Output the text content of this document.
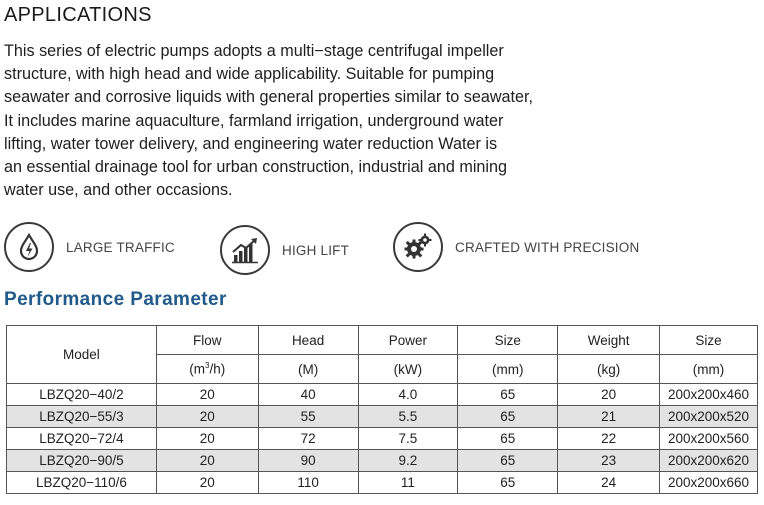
APPLICATIONS
This series of electric pumps adopts a multi−stage centrifugal impeller
structure, with high head and wide applicability. Suitable for pumping
seawater and corrosive liquids with general properties similar to seawater,
It includes marine aquaculture, farmland irrigation, underground water
lifting, water tower delivery, and engineering water reduction Water is
an essential drainage tool for urban construction, industrial and mining
water use, and other occasions.
LARGE TRAFFIC	HIGH LIFT	CRAFTED WITH PRECISION
Performance Parameter
Model	Flow	Head	Power	Size	Weight	Size
	$(m^3/h)$	(M)	(kW)	(mm)	(kg)	(mm)
LBZQ20−40/2	20	40	4.0	65	20	200x200x460
LBZQ20−55/3	20	55	5.5	65	21	200x200x520
LBZQ20−72/4	20	72	7.5	65	22	200x200x560
LBZQ20−90/5	20	90	9.2	65	23	200x200x620
LBZQ20−110/6	20	110	11	65	24	200x200x660
